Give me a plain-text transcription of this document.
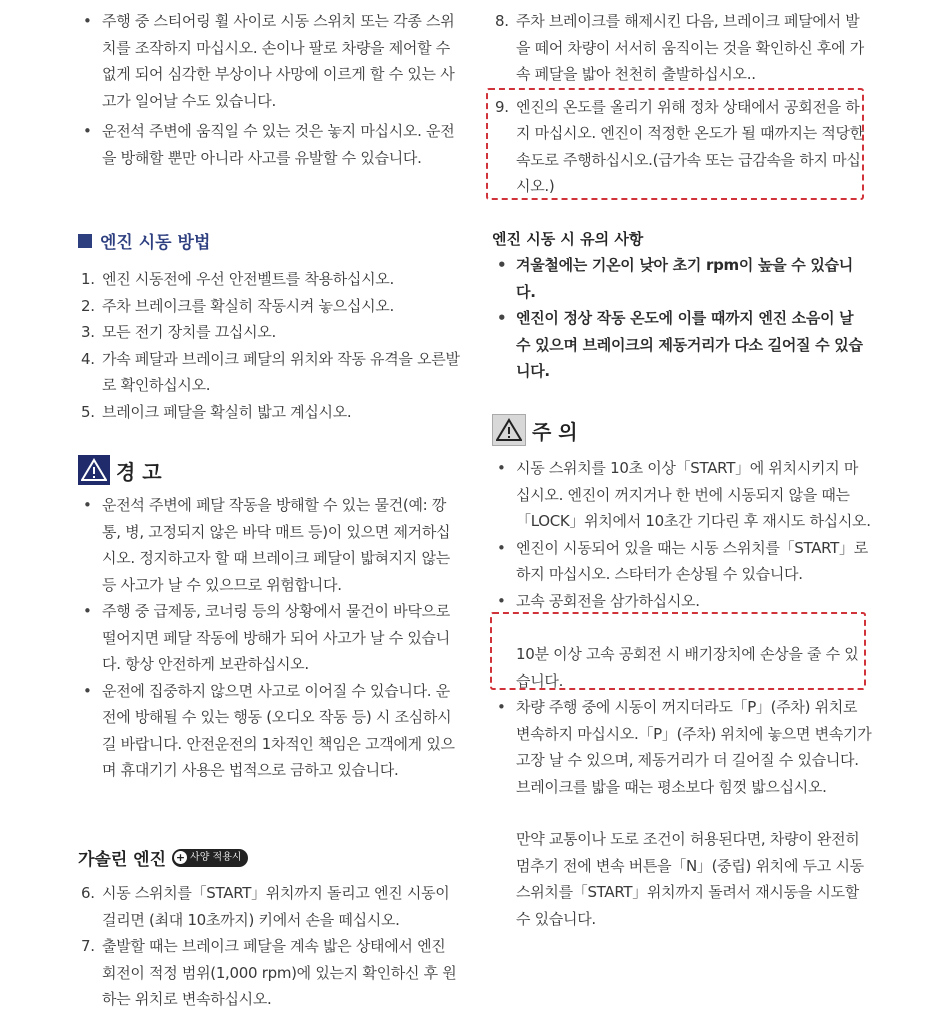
• 주행 중 스티어링 휠 사이로 시동 스위치 또는 각종 스위치를 조작하지 마십시오. 손이나 팔로 차량을 제어할 수 없게 되어 심각한 부상이나 사망에 이르게 할 수 있는 사고가 일어날 수도 있습니다.
• 운전석 주변에 움직일 수 있는 것은 놓지 마십시오. 운전을 방해할 뿐만 아니라 사고를 유발할 수 있습니다.
엔진 시동 방법
1. 엔진 시동전에 우선 안전벨트를 착용하십시오.
2. 주차 브레이크를 확실히 작동시켜 놓으십시오.
3. 모든 전기 장치를 끄십시오.
4. 가속 페달과 브레이크 페달의 위치와 작동 유격을 오른발로 확인하십시오.
5. 브레이크 페달을 확실히 밟고 계십시오.
경 고
• 운전석 주변에 페달 작동을 방해할 수 있는 물건(예: 깡통, 병, 고정되지 않은 바닥 매트 등)이 있으면 제거하십시오. 정지하고자 할 때 브레이크 페달이 밟혀지지 않는 등 사고가 날 수 있으므로 위험합니다.
• 주행 중 급제동, 코너링 등의 상황에서 물건이 바닥으로 떨어지면 페달 작동에 방해가 되어 사고가 날 수 있습니다. 항상 안전하게 보관하십시오.
• 운전에 집중하지 않으면 사고로 이어질 수 있습니다. 운전에 방해될 수 있는 행동 (오디오 작동 등) 시 조심하시길 바랍니다. 안전운전의 1차적인 책임은 고객에게 있으며 휴대기기 사용은 법적으로 금하고 있습니다.
가솔린 엔진 + 사양 적용시
6. 시동 스위치를「START」위치까지 돌리고 엔진 시동이 걸리면 (최대 10초까지) 키에서 손을 떼십시오.
7. 출발할 때는 브레이크 페달을 계속 밟은 상태에서 엔진 회전이 적정 범위(1,000 rpm)에 있는지 확인하신 후 원하는 위치로 변속하십시오.
8. 주차 브레이크를 해제시킨 다음, 브레이크 페달에서 발을 떼어 차량이 서서히 움직이는 것을 확인하신 후에 가속 페달을 밟아 천천히 출발하십시오..
9. 엔진의 온도를 올리기 위해 정차 상태에서 공회전을 하지 마십시오. 엔진이 적정한 온도가 될 때까지는 적당한 속도로 주행하십시오.(급가속 또는 급감속을 하지 마십시오.)
엔진 시동 시 유의 사항
• 겨울철에는 기온이 낮아 초기 rpm이 높을 수 있습니다.
• 엔진이 정상 작동 온도에 이를 때까지 엔진 소음이 날 수 있으며 브레이크의 제동거리가 다소 길어질 수 있습니다.
주 의
• 시동 스위치를 10초 이상「START」에 위치시키지 마십시오. 엔진이 꺼지거나 한 번에 시동되지 않을 때는「LOCK」위치에서 10초간 기다린 후 재시도 하십시오.
• 엔진이 시동되어 있을 때는 시동 스위치를「START」로 하지 마십시오. 스타터가 손상될 수 있습니다.
• 고속 공회전을 삼가하십시오.
10분 이상 고속 공회전 시 배기장치에 손상을 줄 수 있습니다.
• 차량 주행 중에 시동이 꺼지더라도「P」(주차) 위치로 변속하지 마십시오.「P」(주차) 위치에 놓으면 변속기가 고장 날 수 있으며, 제동거리가 더 길어질 수 있습니다. 브레이크를 밟을 때는 평소보다 힘껏 밟으십시오.
만약 교통이나 도로 조건이 허용된다면, 차량이 완전히 멈추기 전에 변속 버튼을「N」(중립) 위치에 두고 시동 스위치를「START」위치까지 돌려서 재시동을 시도할 수 있습니다.
